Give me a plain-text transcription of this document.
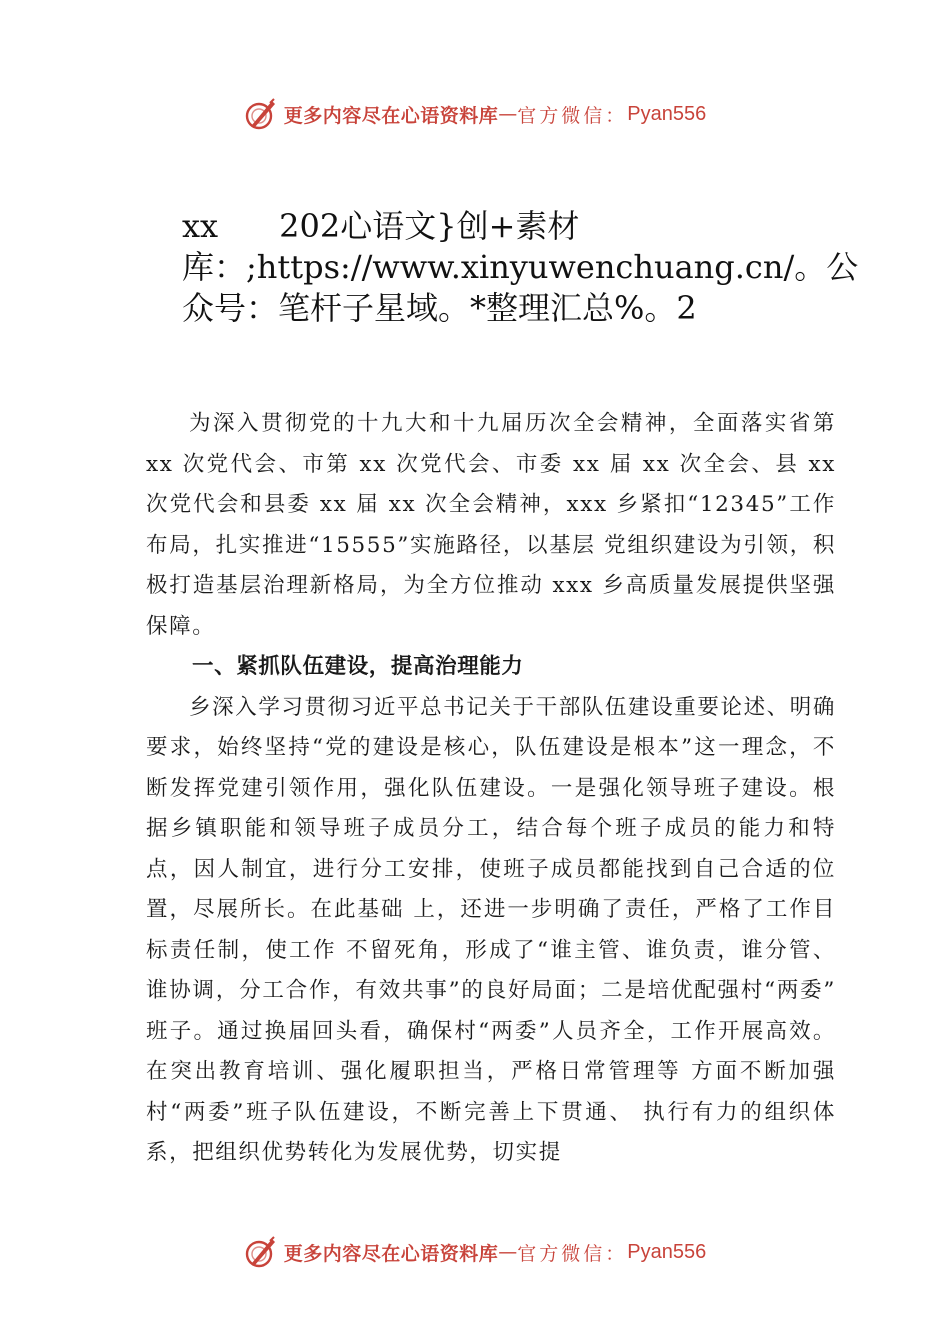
更多内容尽在心语资料库 — 官方微信： Pyan556
xx      202心语文}创+素材
库：;https://www.xinyuwenchuang.cn/。公众号：笔杆子星域。*整理汇总%。2

为深入贯彻党的十九大和十九届历次全会精神，全面落实省第 xx 次党代会、市第 xx 次党代会、市委 xx 届 xx 次全会、县 xx 次党代会和县委 xx 届 xx 次全会精神，xxx 乡紧扣“12345”工作布局，扎实推进“15555”实施路径，以基层 党组织建设为引领，积极打造基层治理新格局，为全方位推动 xxx 乡高质量发展提供坚强保障。

一、紧抓队伍建设，提高治理能力

乡深入学习贯彻习近平总书记关于干部队伍建设重要论述、明确要求，始终坚持“党的建设是核心，队伍建设是根本”这一理念，不断发挥党建引领作用，强化队伍建设。一是强化领导班子建设。根据乡镇职能和领导班子成员分工，结合每个班子成员的能力和特点，因人制宜，进行分工安排，使班子成员都能找到自己合适的位置，尽展所长。在此基础 上，还进一步明确了责任，严格了工作目标责任制，使工作 不留死角，形成了“谁主管、谁负责，谁分管、谁协调，分工合作，有效共事”的良好局面；二是培优配强村“两委” 班子。通过换届回头看，确保村“两委”人员齐全，工作开展高效。在突出教育培训、强化履职担当，严格日常管理等 方面不断加强村“两委”班子队伍建设，不断完善上下贯通、 执行有力的组织体系，把组织优势转化为发展优势，切实提

更多内容尽在心语资料库 — 官方微信： Pyan556
